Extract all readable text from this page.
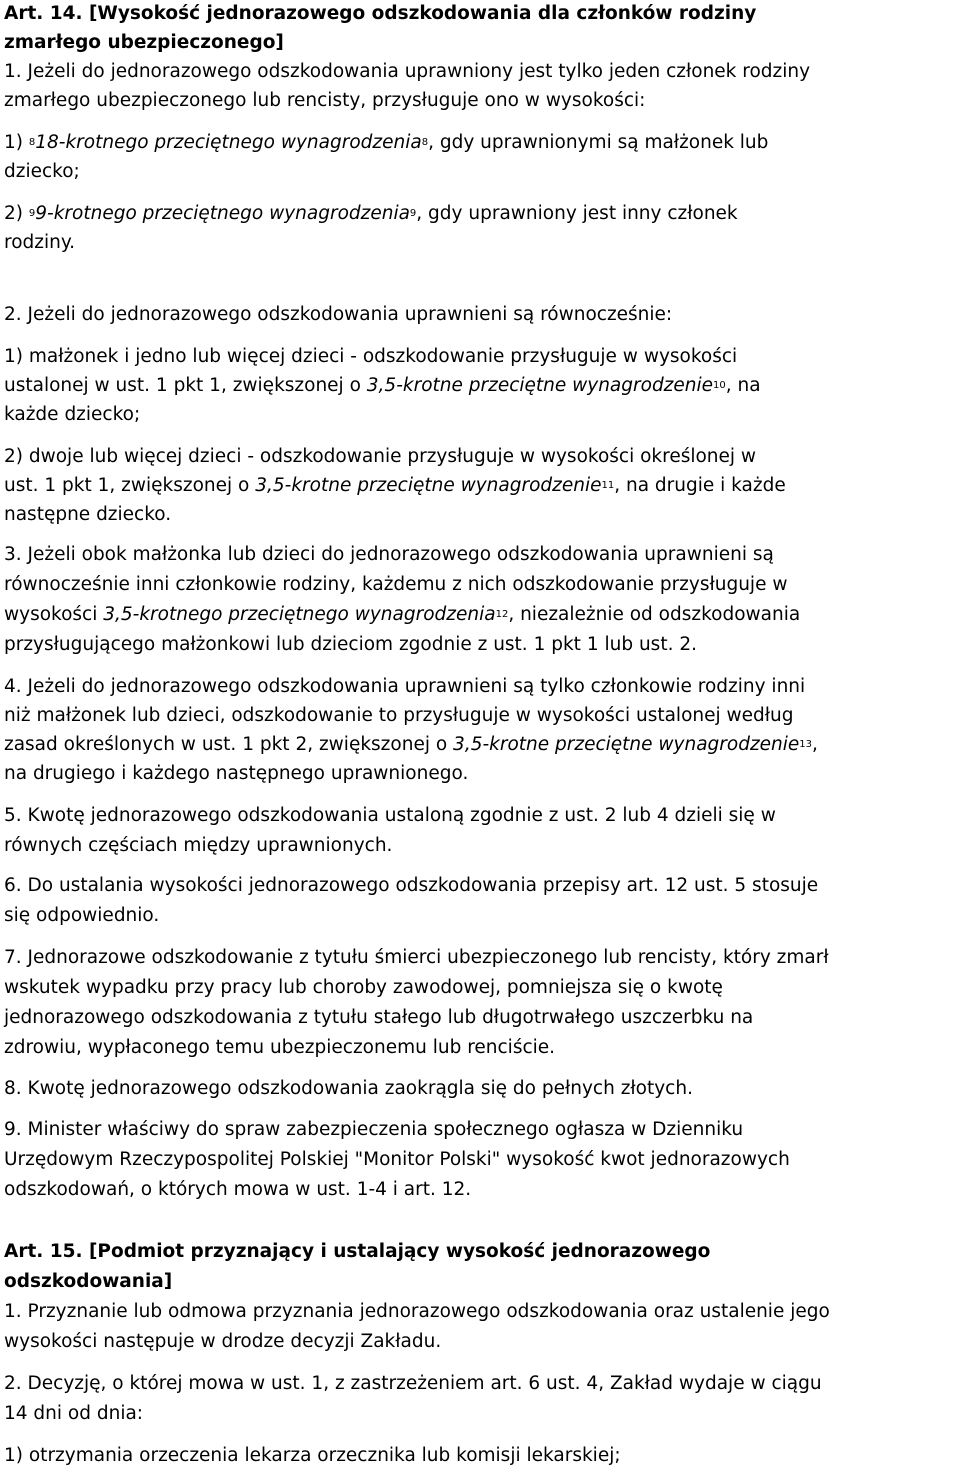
Art. 14. [Wysokość jednorazowego odszkodowania dla członków rodziny
zmarłego ubezpieczonego]
1. Jeżeli do jednorazowego odszkodowania uprawniony jest tylko jeden członek rodziny
zmarłego ubezpieczonego lub rencisty, przysługuje ono w wysokości:
1) $^8$18-krotnego przeciętnego wynagrodzenia$^8$, gdy uprawnionymi są małżonek lub
dziecko;
2) $^9$9-krotnego przeciętnego wynagrodzenia$^9$, gdy uprawniony jest inny członek
rodziny.
2. Jeżeli do jednorazowego odszkodowania uprawnieni są równocześnie:
1) małżonek i jedno lub więcej dzieci - odszkodowanie przysługuje w wysokości
ustalonej w ust. 1 pkt 1, zwiększonej o 3,5-krotne przeciętne wynagrodzenie$^{10}$, na
każde dziecko;
2) dwoje lub więcej dzieci - odszkodowanie przysługuje w wysokości określonej w
ust. 1 pkt 1, zwiększonej o 3,5-krotne przeciętne wynagrodzenie$^{11}$, na drugie i każde
następne dziecko.
3. Jeżeli obok małżonka lub dzieci do jednorazowego odszkodowania uprawnieni są
równocześnie inni członkowie rodziny, każdemu z nich odszkodowanie przysługuje w
wysokości 3,5-krotnego przeciętnego wynagrodzenia$^{12}$, niezależnie od odszkodowania
przysługującego małżonkowi lub dzieciom zgodnie z ust. 1 pkt 1 lub ust. 2.
4. Jeżeli do jednorazowego odszkodowania uprawnieni są tylko członkowie rodziny inni
niż małżonek lub dzieci, odszkodowanie to przysługuje w wysokości ustalonej według
zasad określonych w ust. 1 pkt 2, zwiększonej o 3,5-krotne przeciętne wynagrodzenie$^{13}$,
na drugiego i każdego następnego uprawnionego.
5. Kwotę jednorazowego odszkodowania ustaloną zgodnie z ust. 2 lub 4 dzieli się w
równych częściach między uprawnionych.
6. Do ustalania wysokości jednorazowego odszkodowania przepisy art. 12 ust. 5 stosuje
się odpowiednio.
7. Jednorazowe odszkodowanie z tytułu śmierci ubezpieczonego lub rencisty, który zmarł
wskutek wypadku przy pracy lub choroby zawodowej, pomniejsza się o kwotę
jednorazowego odszkodowania z tytułu stałego lub długotrwałego uszczerbku na
zdrowiu, wypłaconego temu ubezpieczonemu lub renciście.
8. Kwotę jednorazowego odszkodowania zaokrągla się do pełnych złotych.
9. Minister właściwy do spraw zabezpieczenia społecznego ogłasza w Dzienniku
Urzędowym Rzeczypospolitej Polskiej "Monitor Polski" wysokość kwot jednorazowych
odszkodowań, o których mowa w ust. 1-4 i art. 12.
Art. 15. [Podmiot przyznający i ustalający wysokość jednorazowego
odszkodowania]
1. Przyznanie lub odmowa przyznania jednorazowego odszkodowania oraz ustalenie jego
wysokości następuje w drodze decyzji Zakładu.
2. Decyzję, o której mowa w ust. 1, z zastrzeżeniem art. 6 ust. 4, Zakład wydaje w ciągu
14 dni od dnia:
1) otrzymania orzeczenia lekarza orzecznika lub komisji lekarskiej;
